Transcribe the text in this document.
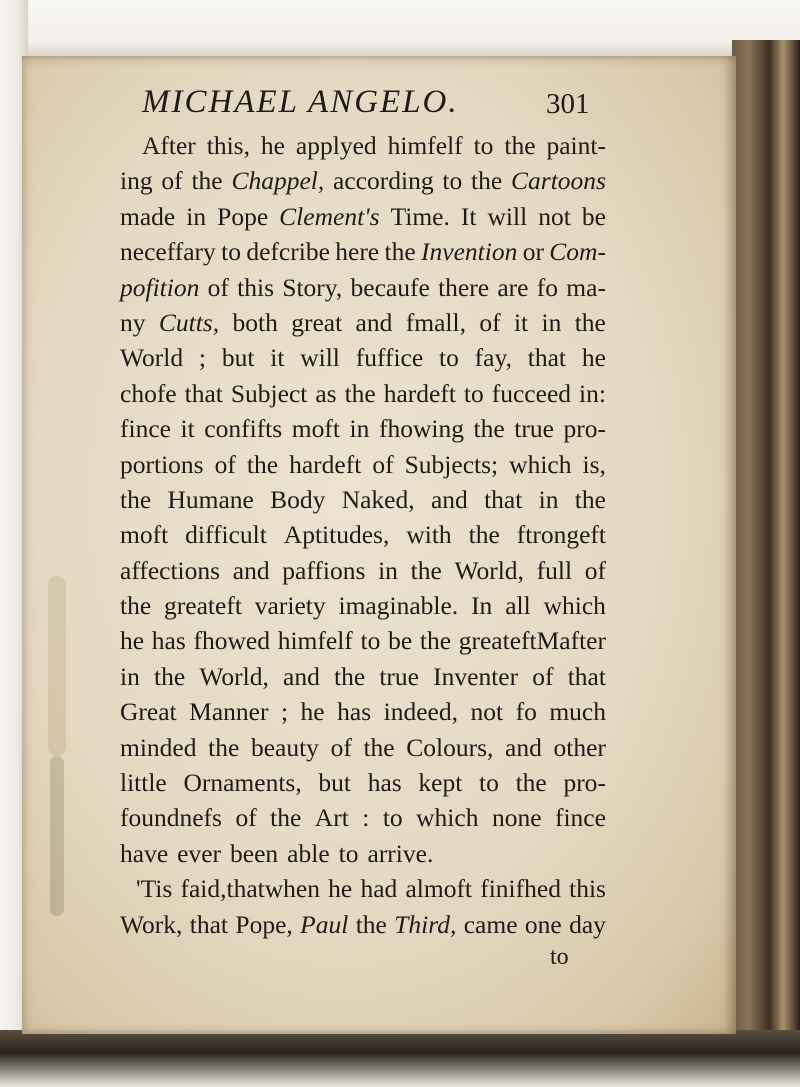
MICHAEL ANGELO.	301
After this, he applyed himfelf to the paint-
ing of the Chappel, according to the Cartoons
made in Pope Clement's Time. It will not be
neceffary to defcribe here the Invention or Com-
pofition of this Story, becaufe there are fo ma-
ny Cutts, both great and fmall, of it in the
World ; but it will fuffice to fay, that he
chofe that Subject as the hardeft to fucceed in:
fince it confifts moft in fhowing the true pro-
portions of the hardeft of Subjects; which is,
the Humane Body Naked, and that in the
moft difficult Aptitudes, with the ftrongeft
affections and paffions in the World, full of
the greateft variety imaginable. In all which
he has fhowed himfelf to be the greateftMafter
in the World, and the true Inventer of that
Great Manner ; he has indeed, not fo much
minded the beauty of the Colours, and other
little Ornaments, but has kept to the pro-
foundnefs of the Art : to which none fince
have ever been able to arrive.
'Tis faid,thatwhen he had almoft finifhed this
Work, that Pope, Paul the Third, came one day
to
